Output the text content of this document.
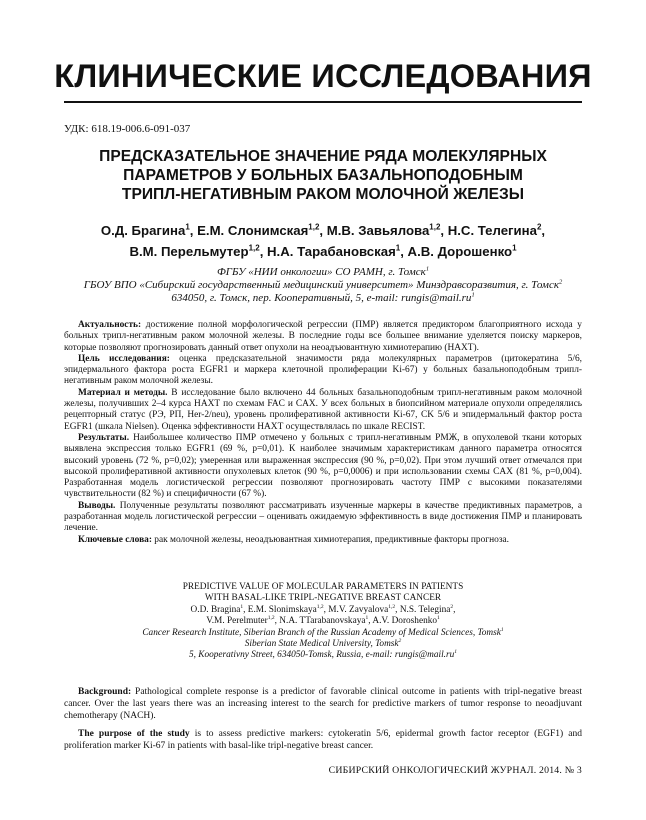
КЛИНИЧЕСКИЕ ИССЛЕДОВАНИЯ
УДК: 618.19-006.6-091-037
ПРЕДСКАЗАТЕЛЬНОЕ ЗНАЧЕНИЕ РЯДА МОЛЕКУЛЯРНЫХ
ПАРАМЕТРОВ У БОЛЬНЫХ БАЗАЛЬНОПОДОБНЫМ
ТРИПЛ-НЕГАТИВНЫМ РАКОМ МОЛОЧНОЙ ЖЕЛЕЗЫ
О.Д. Брагина$^1$, Е.М. Слонимская$^{1,2}$, М.В. Завьялова$^{1,2}$, Н.С. Телегина$^2$,
В.М. Перельмутер$^{1,2}$, Н.А. Тарабановская$^1$, А.В. Дорошенко$^1$
ФГБУ «НИИ онкологии» СО РАМН, г. Томск$^1$
ГБОУ ВПО «Сибирский государственный медицинский университет» Минздравсоразвития, г. Томск$^2$
634050, г. Томск, пер. Кооперативный, 5, e-mail: $rungis@mail.ru^1$

Актуальность: достижение полной морфологической регрессии (ПМР) является предиктором благоприятного исхода у больных трипл-негативным раком молочной железы. В последние годы все большее внимание уделяется поиску маркеров, которые позволяют прогнозировать данный ответ опухоли на неоадъювантную химиотерапию (НАХТ).

Цель исследования: оценка предсказательной значимости ряда молекулярных параметров (цитокератина 5/6, эпидермального фактора роста EGFR1 и маркера клеточной пролиферации Ki-67) у больных базальноподобным трипл-негативным раком молочной железы.

Материал и методы. В исследование было включено 44 больных базальноподобным трипл-негативным раком молочной железы, получивших 2–4 курса НАХТ по схемам FAC и CAX. У всех больных в биопсийном материале опухоли определялись рецепторный статус (РЭ, РП, Her-2/neu), уровень пролиферативной активности Ki-67, CK 5/6 и эпидермальный фактор роста EGFR1 (шкала Nielsen). Оценка эффективности НАХТ осуществлялась по шкале RECIST.

Результаты. Наибольшее количество ПМР отмечено у больных с трипл-негативным РМЖ, в опухолевой ткани которых выявлена экспрессия только EGFR1 (69 %, p=0,01). К наиболее значимым характеристикам данного параметра относятся высокий уровень (72 %, p=0,02); умеренная или выраженная экспрессия (90 %, p=0,02). При этом лучший ответ отмечался при высокой пролиферативной активности опухолевых клеток (90 %, p=0,0006) и при использовании схемы CAX (81 %, p=0,004). Разработанная модель логистической регрессии позволяют прогнозировать частоту ПМР с высокими показателями чувствительности (82 %) и специфичности (67 %).

Выводы. Полученные результаты позволяют рассматривать изученные маркеры в качестве предиктивных параметров, а разработанная модель логистической регрессии – оценивать ожидаемую эффективность в виде достижения ПМР и планировать лечение.

Ключевые слова: рак молочной железы, неоадъювантная химиотерапия, предиктивные факторы прогноза.

PREDICTIVE VALUE OF MOLECULAR PARAMETERS IN PATIENTS
WITH BASAL-LIKE TRIPL-NEGATIVE BREAST CANCER
O.D. Bragina$^1$, E.M. Slonimskaya$^{1,2}$, M.V. Zavyalova$^{1,2}$, N.S. Telegina$^2$,
V.M. Perelmuter$^{1,2}$, N.A. TTarabanovskaya$^1$, A.V. Doroshenko$^1$
Cancer Research Institute, Siberian Branch of the Russian Academy of Medical Sciences, Tomsk$^1$
Siberian State Medical University, Tomsk$^2$
5, Kooperativny Street, 634050-Tomsk, Russia, e-mail: $rungis@mail.ru^1$

Background: Pathological complete response is a predictor of favorable clinical outcome in patients with tripl-negative breast cancer. Over the last years there was an increasing interest to the search for predictive markers of tumor response to neoadjuvant chemotherapy (NACH).

The purpose of the study is to assess predictive markers: cytokeratin 5/6, epidermal growth factor receptor (EGF1) and proliferation marker Ki-67 in patients with basal-like tripl-negative breast cancer.

СИБИРСКИЙ ОНКОЛОГИЧЕСКИЙ ЖУРНАЛ. 2014. № 3
